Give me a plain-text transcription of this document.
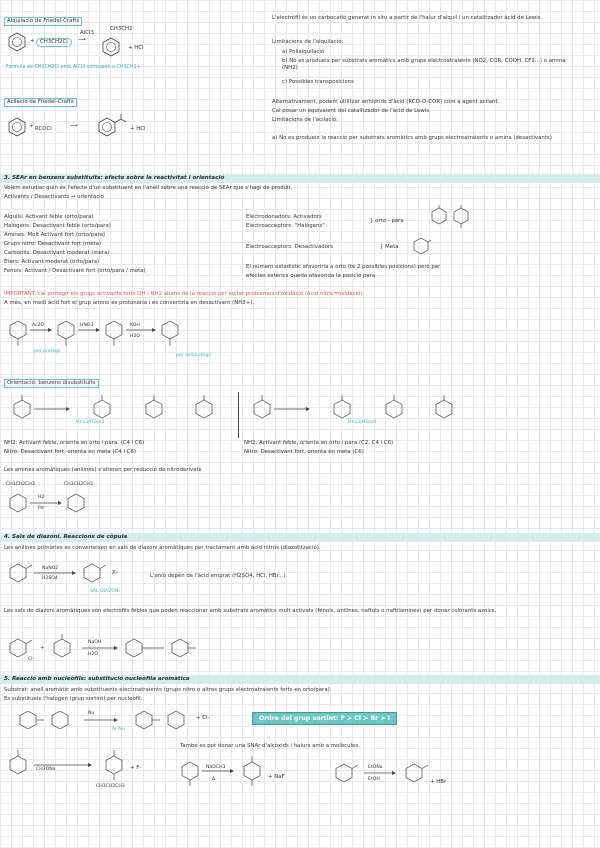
Alquilació de Friedel-Crafts
+	CH3CH2Cl
AlCl3
⟶
CH3CH2
+ HCl
Fórmula de CH3CH2Cl amb AlCl3 correspon a CH3CH2+
L'electròfil és un carbocatió generat in situ a partir de l'halur d'alquil i un catalitzador àcid de Lewis.
Limitacions de l'alquilació:
a) Polialquilació
b) No es produeix per substrats aromàtics amb grups electroatraients (NO2, COR, COOH, CF3...) o amina (NH2)
c) Possibles transposicions
Acilació de Friedel-Crafts
+ RCOCl	⟶	+ HCl
Alternativament, podem utilitzar anhídrids d'àcid (RCO-O-COR) com a agent acilant.
Cal posar un equivalent del catalitzador de l'àcid de Lewis.
Limitacions de l'acilació:
a) No es produeix la reacció per substrats aromàtics amb grups electroatraients o amina (desactivants)
3. SEAr en benzens substituïts: efecte sobre la reactivitat i orientació
Volem estudiar quin és l'efecte d'un substituent en l'anell sobre una reacció de SEAr que s'hagi de produir.
Activants / Desactivants → orientació
Alquils: Activant feble (orto/para)
Halògens: Desactivant feble (orto/para)
Amines: Molt Activant fort (orto/para)
Grups nitro: Desactivant fort (meta)
Carbonils: Desactivant moderat (meta)
Èters: Activant moderat (orto/para)
Fenols: Activant / Desactivant fort (orto/para / meta)
Electrodonadors: Activadors
Electroacceptors: "Halògens"
} orto - para
Electroacceptors: Desactivadors	} Meta
El número estadístic afavoriria a orto (té 2 possibles posicions) però per
efectes estèrics queda afavorida la posició para
IMPORTANT: cal protegir els grups activants forts OH i NH2 abans de la reacció per evitar problemes d'oxidació (àcid nítric=oxidació).
A més, en medi àcid fort el grup amino es protonaria i es convertiria en desactivant (NH3+).
Ac2O	HNO3	KOH
H2O
per protegir
per desprotegir
Orientació: benzens disubstituïts
Hno3/H2so4	Hno3/H2so4
NH2: Activant feble, orienta en orto i para. (C4 i C6)
Nitro: Desactivant fort, orienta en meta (C4 i C6)
NH2: Activant feble, orienta en orto i para (C2, C4 i C6)
Nitro: Desactivant fort, orienta en meta (C6)
Les amines aromàtiques (anilines) s'alteren per reducció de nitroderivats
CH3CH2CH3	CH3CH2CH3
H2
Pd
4. Sals de diazoni. Reaccions de còpula
Les anilines primàries es converteixen en sals de diazoni aromàtiques per tractament amb àcid nitrós (diazotització).
NaNO2
H2SO4
X-
SAL DIAZONI
L'anió depèn de l'àcid emprat (H2SO4, HCl, HBr...)
Les sals de diazoni aromàtiques són electròfils febles que poden reaccionar amb substrats aromàtics molt activats (fenols, anilines, naftols o naftilamines) per donar colorants azoics.
Cl-
+
NaOH
H2O
5. Reacció amb nucleòfils: substitució nucleòfila aromàtica
Substrat: anell aromàtic amb substituents electroatraients (grups nitro o altres grups electroatraients forts en orto/para).
Es substitueix l'halogen (grup sortint) per nucleòfil.
Nu
+ Cl-
Ar-Nu
Ordre del grup sortint: F > Cl > Br > I
CH3ONa
CH3CH2CH3
+ F-
També es pot donar una SNAr d'alcòxids i halurs amb a molècules.
NaOCH3
Δ	+ NaF
EtONa
EtOH	+ HBr
